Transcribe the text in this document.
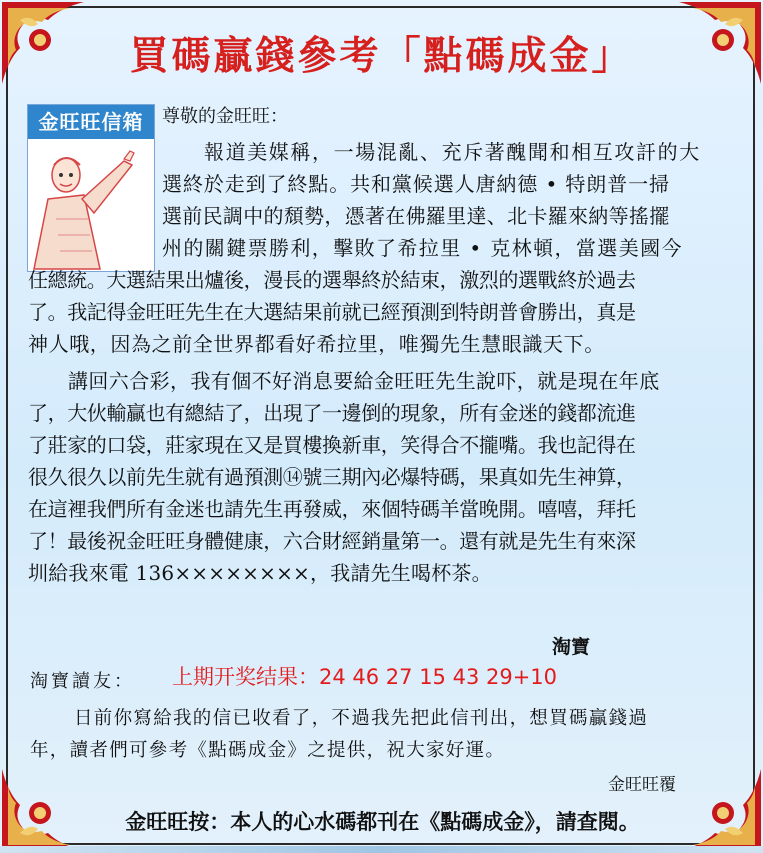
買碼贏錢參考「點碼成金」
金旺旺信箱	尊敬的金旺旺：
報道美媒稱，一場混亂、充斥著醜聞和相互攻訐的大
選終於走到了終點。共和黨候選人唐納德 • 特朗普一掃
選前民調中的頹勢，憑著在佛羅里達、北卡羅來納等搖擺
州的關鍵票勝利，擊敗了希拉里 • 克林頓，當選美國今
任總統。大選結果出爐後，漫長的選舉終於結束，激烈的選戰終於過去
了。我記得金旺旺先生在大選結果前就已經預測到特朗普會勝出，真是
神人哦，因為之前全世界都看好希拉里，唯獨先生慧眼識天下。
講回六合彩，我有個不好消息要給金旺旺先生說吓，就是現在年底
了，大伙輸贏也有總結了，出現了一邊倒的現象，所有金迷的錢都流進
了莊家的口袋，莊家現在又是買樓換新車，笑得合不攏嘴。我也記得在
很久很久以前先生就有過預測⑭號三期內必爆特碼，果真如先生神算，
在這裡我們所有金迷也請先生再發威，來個特碼羊當晚開。嘻嘻，拜托
了！最後祝金旺旺身體健康，六合財經銷量第一。還有就是先生有來深
圳給我來電 136××××××××，我請先生喝杯茶。
淘寶
淘寶讀友： 上期开奖结果：24 46 27 15 43 29+10
日前你寫給我的信已收看了，不過我先把此信刊出，想買碼贏錢過
年，讀者們可參考《點碼成金》之提供，祝大家好運。
金旺旺覆
金旺旺按：本人的心水碼都刊在《點碼成金》，請查閱。
